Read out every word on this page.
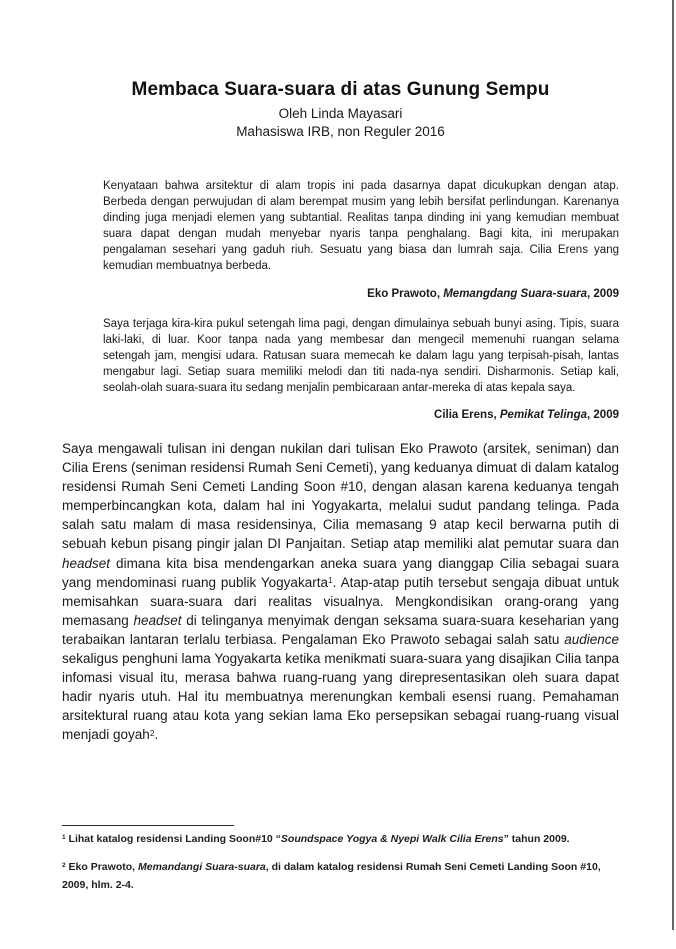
Membaca Suara-suara di atas Gunung Sempu
Oleh Linda Mayasari
Mahasiswa IRB, non Reguler 2016

Kenyataan bahwa arsitektur di alam tropis ini pada dasarnya dapat dicukupkan dengan atap. Berbeda dengan perwujudan di alam berempat musim yang lebih bersifat perlindungan. Karenanya dinding juga menjadi elemen yang subtantial. Realitas tanpa dinding ini yang kemudian membuat suara dapat dengan mudah menyebar nyaris tanpa penghalang. Bagi kita, ini merupakan pengalaman sesehari yang gaduh riuh. Sesuatu yang biasa dan lumrah saja. Cilia Erens yang kemudian membuatnya berbeda.

Eko Prawoto, Memangdang Suara-suara, 2009

Saya terjaga kira-kira pukul setengah lima pagi, dengan dimulainya sebuah bunyi asing. Tipis, suara laki-laki, di luar. Koor tanpa nada yang membesar dan mengecil memenuhi ruangan selama setengah jam, mengisi udara. Ratusan suara memecah ke dalam lagu yang terpisah-pisah, lantas mengabur lagi. Setiap suara memiliki melodi dan titi nada-nya sendiri. Disharmonis. Setiap kali, seolah-olah suara-suara itu sedang menjalin pembicaraan antar-mereka di atas kepala saya.

Cilia Erens, Pemikat Telinga, 2009

Saya mengawali tulisan ini dengan nukilan dari tulisan Eko Prawoto (arsitek, seniman) dan Cilia Erens (seniman residensi Rumah Seni Cemeti), yang keduanya dimuat di dalam katalog residensi Rumah Seni Cemeti Landing Soon #10, dengan alasan karena keduanya tengah memperbincangkan kota, dalam hal ini Yogyakarta, melalui sudut pandang telinga. Pada salah satu malam di masa residensinya, Cilia memasang 9 atap kecil berwarna putih di sebuah kebun pisang pingir jalan DI Panjaitan. Setiap atap memiliki alat pemutar suara dan headset dimana kita bisa mendengarkan aneka suara yang dianggap Cilia sebagai suara yang mendominasi ruang publik Yogyakarta$^1$. Atap-atap putih tersebut sengaja dibuat untuk memisahkan suara-suara dari realitas visualnya. Mengkondisikan orang-orang yang memasang headset di telinganya menyimak dengan seksama suara-suara keseharian yang terabaikan lantaran terlalu terbiasa. Pengalaman Eko Prawoto sebagai salah satu audience sekaligus penghuni lama Yogyakarta ketika menikmati suara-suara yang disajikan Cilia tanpa infomasi visual itu, merasa bahwa ruang-ruang yang direpresentasikan oleh suara dapat hadir nyaris utuh. Hal itu membuatnya merenungkan kembali esensi ruang. Pemahaman arsitektural ruang atau kota yang sekian lama Eko persepsikan sebagai ruang-ruang visual menjadi goyah$^2$.

$^1$ Lihat katalog residensi Landing Soon#10 “Soundspace Yogya & Nyepi Walk Cilia Erens” tahun 2009.

$^2$ Eko Prawoto, Memandangi Suara-suara, di dalam katalog residensi Rumah Seni Cemeti Landing Soon #10, 2009, hlm. 2-4.
